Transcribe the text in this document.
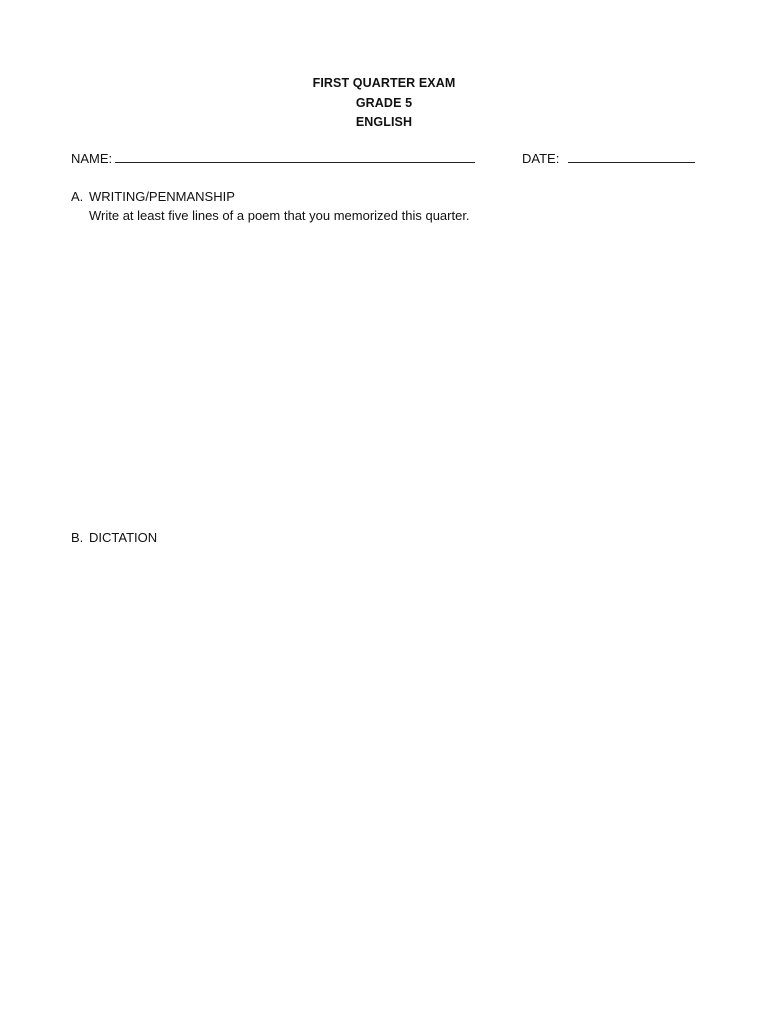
FIRST QUARTER EXAM
GRADE 5
ENGLISH
NAME:	DATE:
A. WRITING/PENMANSHIP
Write at least five lines of a poem that you memorized this quarter.
B. DICTATION
